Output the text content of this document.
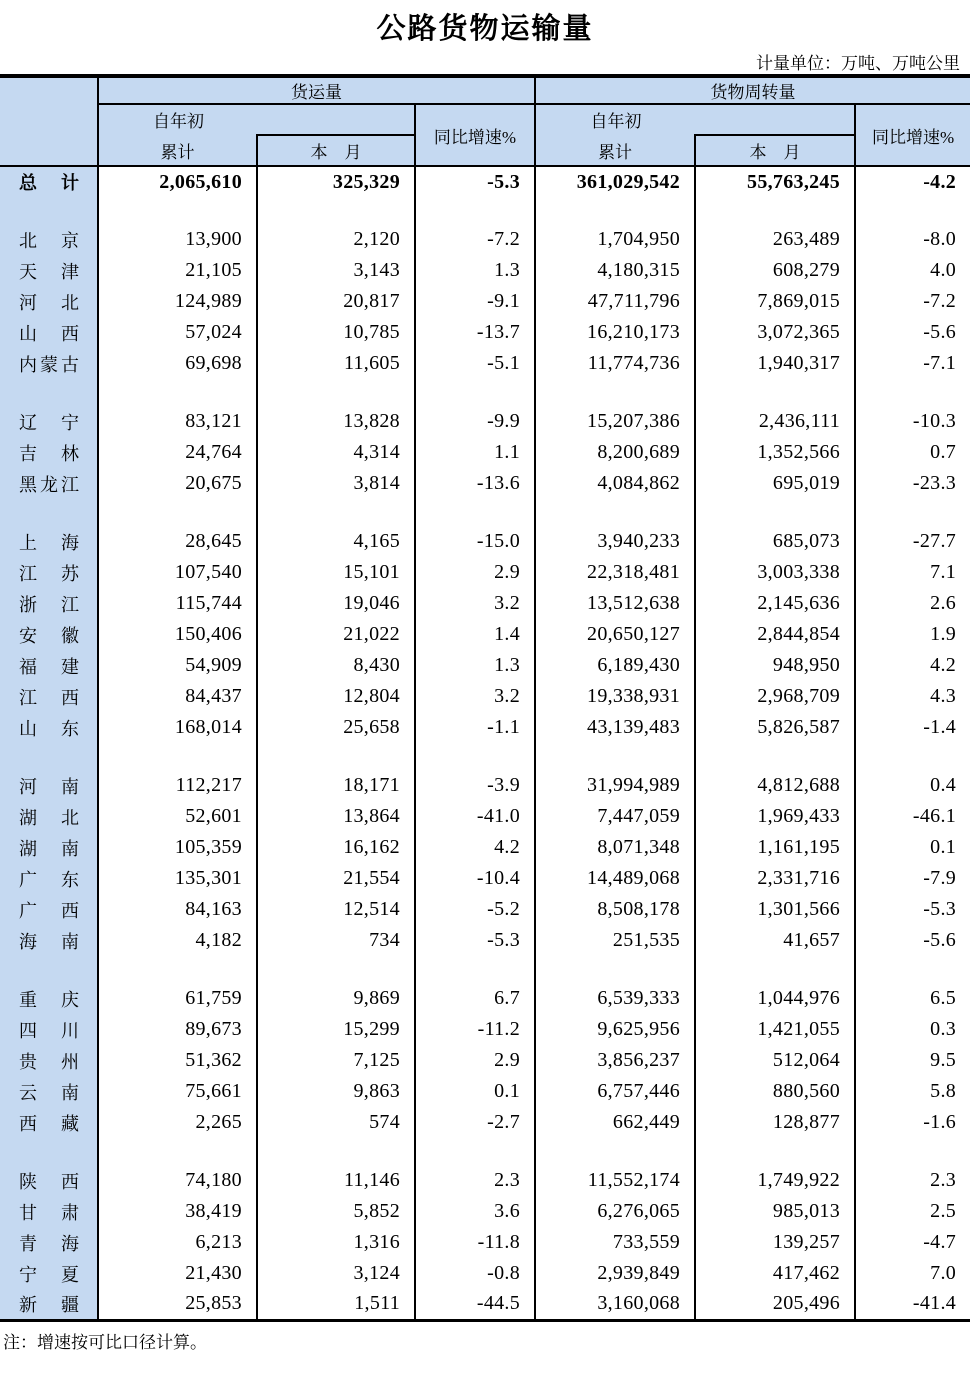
公路货物运输量
计量单位：万吨、万吨公里
	货运量			货物周转量		

	自年初		同比增速%	自年初		同比增速%
	累计	本　月		累计	本　月	
总　计	2,065,610	325,329	-5.3	361,029,542	55,763,245	-4.2

北　京	13,900	2,120	-7.2	1,704,950	263,489	-8.0
天　津	21,105	3,143	1.3	4,180,315	608,279	4.0
河　北	124,989	20,817	-9.1	47,711,796	7,869,015	-7.2
山　西	57,024	10,785	-13.7	16,210,173	3,072,365	-5.6
内蒙古	69,698	11,605	-5.1	11,774,736	1,940,317	-7.1

辽　宁	83,121	13,828	-9.9	15,207,386	2,436,111	-10.3
吉　林	24,764	4,314	1.1	8,200,689	1,352,566	0.7
黑龙江	20,675	3,814	-13.6	4,084,862	695,019	-23.3

上　海	28,645	4,165	-15.0	3,940,233	685,073	-27.7
江　苏	107,540	15,101	2.9	22,318,481	3,003,338	7.1
浙　江	115,744	19,046	3.2	13,512,638	2,145,636	2.6
安　徽	150,406	21,022	1.4	20,650,127	2,844,854	1.9
福　建	54,909	8,430	1.3	6,189,430	948,950	4.2
江　西	84,437	12,804	3.2	19,338,931	2,968,709	4.3
山　东	168,014	25,658	-1.1	43,139,483	5,826,587	-1.4

河　南	112,217	18,171	-3.9	31,994,989	4,812,688	0.4
湖　北	52,601	13,864	-41.0	7,447,059	1,969,433	-46.1
湖　南	105,359	16,162	4.2	8,071,348	1,161,195	0.1
广　东	135,301	21,554	-10.4	14,489,068	2,331,716	-7.9
广　西	84,163	12,514	-5.2	8,508,178	1,301,566	-5.3
海　南	4,182	734	-5.3	251,535	41,657	-5.6

重　庆	61,759	9,869	6.7	6,539,333	1,044,976	6.5
四　川	89,673	15,299	-11.2	9,625,956	1,421,055	0.3
贵　州	51,362	7,125	2.9	3,856,237	512,064	9.5
云　南	75,661	9,863	0.1	6,757,446	880,560	5.8
西　藏	2,265	574	-2.7	662,449	128,877	-1.6

陕　西	74,180	11,146	2.3	11,552,174	1,749,922	2.3
甘　肃	38,419	5,852	3.6	6,276,065	985,013	2.5
青　海	6,213	1,316	-11.8	733,559	139,257	-4.7
宁　夏	21,430	3,124	-0.8	2,939,849	417,462	7.0
新　疆	25,853	1,511	-44.5	3,160,068	205,496	-41.4
注：增速按可比口径计算。
